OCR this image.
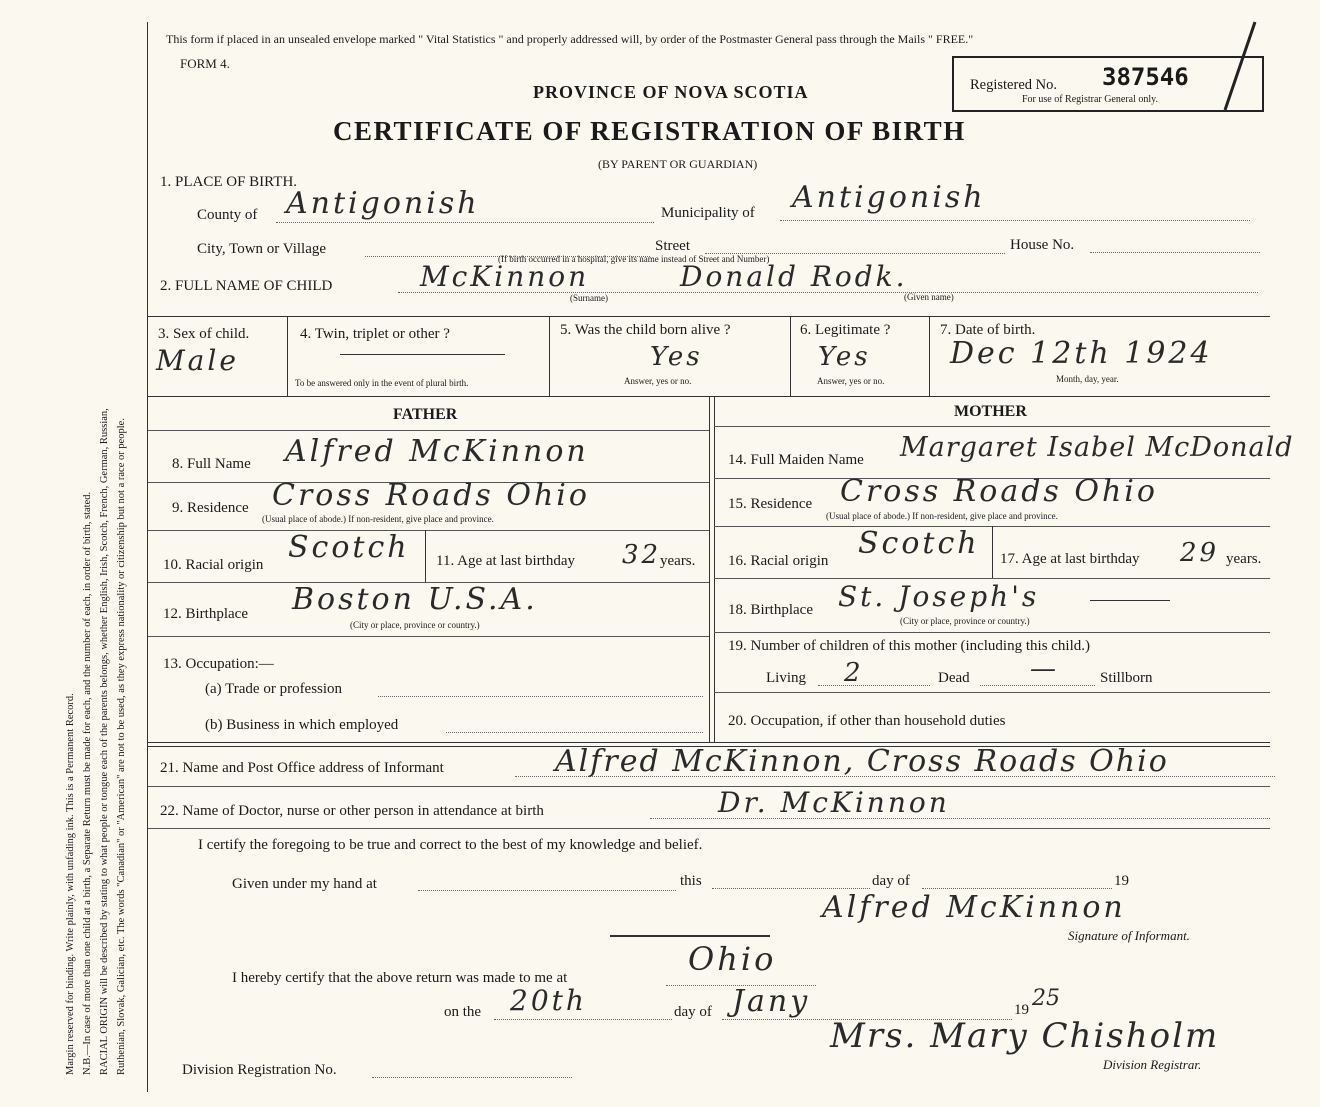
Margin reserved for binding. Write plainly, with unfading ink. This is a Permanent Record. N.B.—In case of more than one child at a birth, a Separate Return must be made for each, and the number of each, in order of birth, stated. RACIAL ORIGIN will be described by stating to what people or tongue each of the parents belongs, whether English, Irish, Scotch, French, German, Russian, Ruthenian, Slovak, Galician, etc. The words "Canadian" or "American" are not to be used, as they express nationality or citizenship but not a race or people.
This form if placed in an unsealed envelope marked " Vital Statistics " and properly addressed will, by order of the Postmaster General pass through the Mails " FREE."
FORM 4.
PROVINCE OF NOVA SCOTIA
CERTIFICATE OF REGISTRATION OF BIRTH
(BY PARENT OR GUARDIAN)
Registered No. 387546
For use of Registrar General only.
1. PLACE OF BIRTH.
County of Antigonish	Municipality of Antigonish
City, Town or Village	Street
(If birth occurred in a hospital, give its name instead of Street and Number)
House No.
2. FULL NAME OF CHILD	McKinnon	Donald Rodk.
(Surname)	(Given name)
3. Sex of child.
Male
4. Twin, triplet or other ?
To be answered only in the event of plural birth.
5. Was the child born alive ?
Yes
Answer, yes or no.
6. Legitimate ?
Yes
Answer, yes or no.
7. Date of birth.
Dec 12th 1924
Month, day, year.
FATHER	MOTHER
8. Full Name Alfred McKinnon
9. Residence Cross Roads Ohio
(Usual place of abode.) If non-resident, give place and province.
10. Racial origin Scotch 11. Age at last birthday 32
years.
12. Birthplace Boston U.S.A.
(City or place, province or country.)
13. Occupation:—
(a) Trade or profession
(b) Business in which employed
14. Full Maiden Name Margaret Isabel McDonald
15. Residence Cross Roads Ohio
(Usual place of abode.) If non-resident, give place and province.
16. Racial origin Scotch 17. Age at last birthday 29 years.
18. Birthplace St. Joseph's
(City or place, province or country.)
19. Number of children of this mother (including this child.)
Living 2	Dead —	Stillborn
20. Occupation, if other than household duties
21. Name and Post Office address of Informant	Alfred McKinnon, Cross Roads Ohio
22. Name of Doctor, nurse or other person in attendance at birth	Dr. McKinnon
I certify the foregoing to be true and correct to the best of my knowledge and belief.
Given under my hand at	this	day of	19
Alfred McKinnon
Signature of Informant.
I hereby certify that the above return was made to me at	Ohio
on the 20th	day of Jany	19 25
Mrs. Mary Chisholm
Division Registrar.
Division Registration No.
